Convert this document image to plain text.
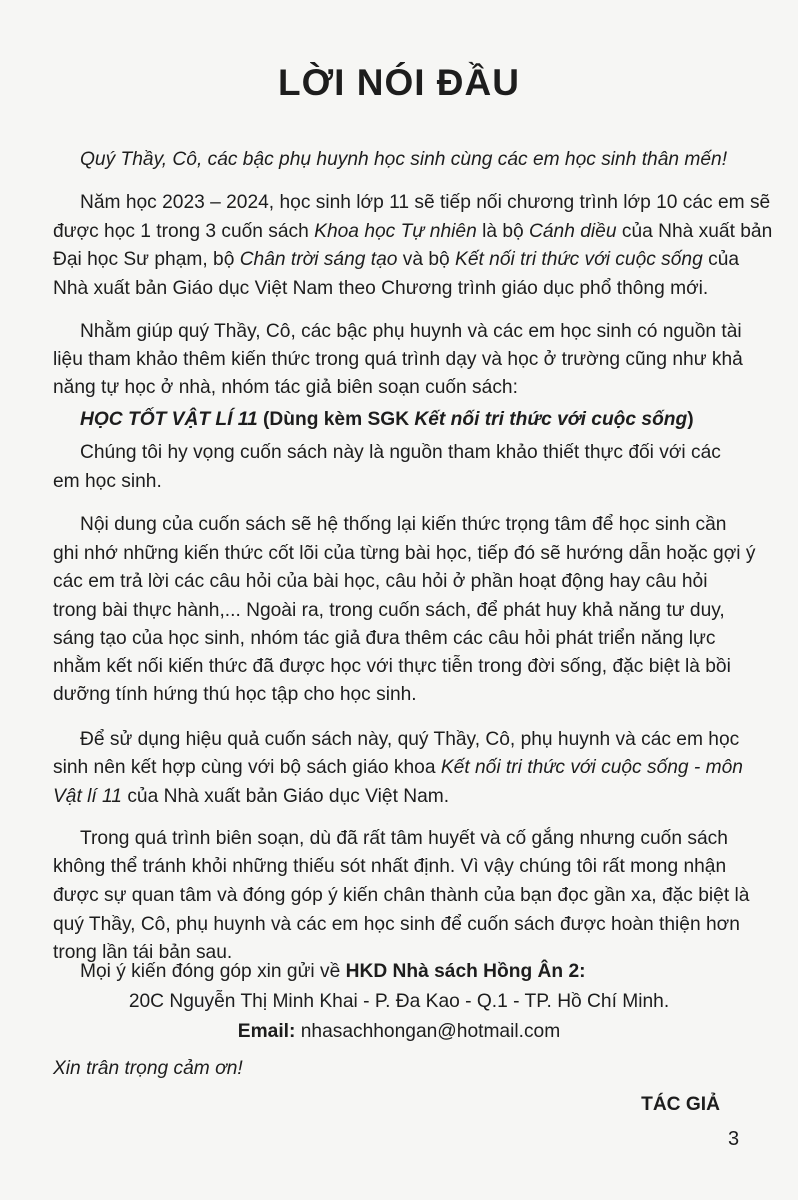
LỜI NÓI ĐẦU
Quý Thầy, Cô, các bậc phụ huynh học sinh cùng các em học sinh thân mến!
Năm học 2023 – 2024, học sinh lớp 11 sẽ tiếp nối chương trình lớp 10 các em sẽ
được học 1 trong 3 cuốn sách Khoa học Tự nhiên là bộ Cánh diều của Nhà xuất bản
Đại học Sư phạm, bộ Chân trời sáng tạo và bộ Kết nối tri thức với cuộc sống của
Nhà xuất bản Giáo dục Việt Nam theo Chương trình giáo dục phổ thông mới.
Nhằm giúp quý Thầy, Cô, các bậc phụ huynh và các em học sinh có nguồn tài
liệu tham khảo thêm kiến thức trong quá trình dạy và học ở trường cũng như khả
năng tự học ở nhà, nhóm tác giả biên soạn cuốn sách:
HỌC TỐT VẬT LÍ 11 (Dùng kèm SGK Kết nối tri thức với cuộc sống)
Chúng tôi hy vọng cuốn sách này là nguồn tham khảo thiết thực đối với các
em học sinh.
Nội dung của cuốn sách sẽ hệ thống lại kiến thức trọng tâm để học sinh cần
ghi nhớ những kiến thức cốt lõi của từng bài học, tiếp đó sẽ hướng dẫn hoặc gợi ý
các em trả lời các câu hỏi của bài học, câu hỏi ở phần hoạt động hay câu hỏi
trong bài thực hành,... Ngoài ra, trong cuốn sách, để phát huy khả năng tư duy,
sáng tạo của học sinh, nhóm tác giả đưa thêm các câu hỏi phát triển năng lực
nhằm kết nối kiến thức đã được học với thực tiễn trong đời sống, đặc biệt là bồi
dưỡng tính hứng thú học tập cho học sinh.
Để sử dụng hiệu quả cuốn sách này, quý Thầy, Cô, phụ huynh và các em học
sinh nên kết hợp cùng với bộ sách giáo khoa Kết nối tri thức với cuộc sống - môn
Vật lí 11 của Nhà xuất bản Giáo dục Việt Nam.
Trong quá trình biên soạn, dù đã rất tâm huyết và cố gắng nhưng cuốn sách
không thể tránh khỏi những thiếu sót nhất định. Vì vậy chúng tôi rất mong nhận
được sự quan tâm và đóng góp ý kiến chân thành của bạn đọc gần xa, đặc biệt là
quý Thầy, Cô, phụ huynh và các em học sinh để cuốn sách được hoàn thiện hơn
trong lần tái bản sau.
Mọi ý kiến đóng góp xin gửi về HKD Nhà sách Hồng Ân 2:
20C Nguyễn Thị Minh Khai - P. Đa Kao - Q.1 - TP. Hồ Chí Minh.
Email: nhasachhongan@hotmail.com
Xin trân trọng cảm ơn!
TÁC GIẢ
3
